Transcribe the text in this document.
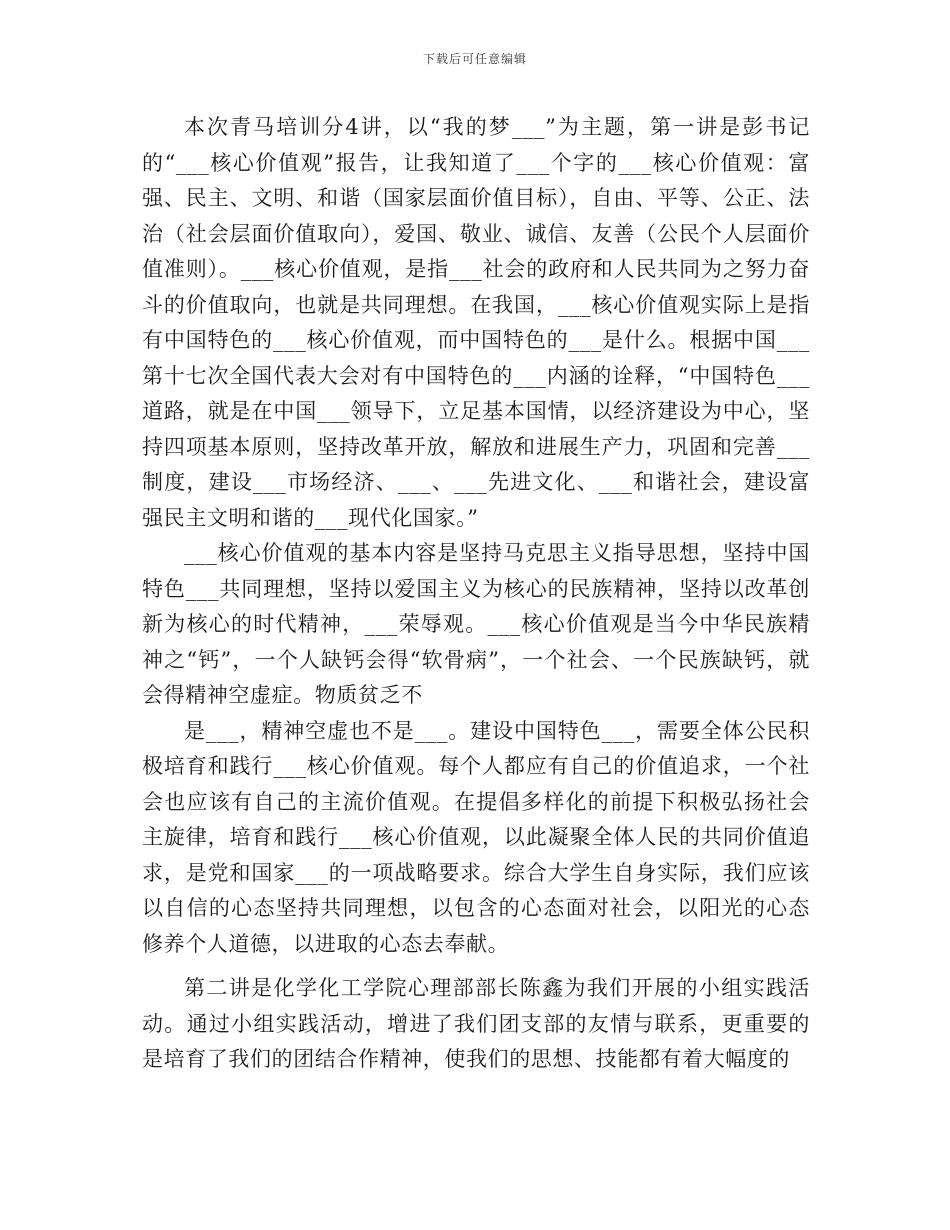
下载后可任意编辑

本次青马培训分4讲，以“我的梦___”为主题，第一讲是彭书记的“___核心价值观”报告，让我知道了___个字的___核心价值观：富强、民主、文明、和谐（国家层面价值目标），自由、平等、公正、法治（社会层面价值取向），爱国、敬业、诚信、友善（公民个人层面价值准则）。___核心价值观，是指___社会的政府和人民共同为之努力奋斗的价值取向，也就是共同理想。在我国，___核心价值观实际上是指有中国特色的___核心价值观，而中国特色的___是什么。根据中国___第十七次全国代表大会对有中国特色的___内涵的诠释，“中国特色___道路，就是在中国___领导下，立足基本国情，以经济建设为中心，坚持四项基本原则，坚持改革开放，解放和进展生产力，巩固和完善___制度，建设___市场经济、___、___先进文化、___和谐社会，建设富强民主文明和谐的___现代化国家。”

___核心价值观的基本内容是坚持马克思主义指导思想，坚持中国特色___共同理想，坚持以爱国主义为核心的民族精神，坚持以改革创新为核心的时代精神，___荣辱观。___核心价值观是当今中华民族精神之“钙”，一个人缺钙会得“软骨病”，一个社会、一个民族缺钙，就会得精神空虚症。物质贫乏不

是___，精神空虚也不是___。建设中国特色___，需要全体公民积极培育和践行___核心价值观。每个人都应有自己的价值追求，一个社会也应该有自己的主流价值观。在提倡多样化的前提下积极弘扬社会主旋律，培育和践行___核心价值观，以此凝聚全体人民的共同价值追求，是党和国家___的一项战略要求。综合大学生自身实际，我们应该以自信的心态坚持共同理想，以包含的心态面对社会，以阳光的心态修养个人道德，以进取的心态去奉献。

第二讲是化学化工学院心理部部长陈鑫为我们开展的小组实践活动。通过小组实践活动，增进了我们团支部的友情与联系，更重要的是培育了我们的团结合作精神，使我们的思想、技能都有着大幅度的
